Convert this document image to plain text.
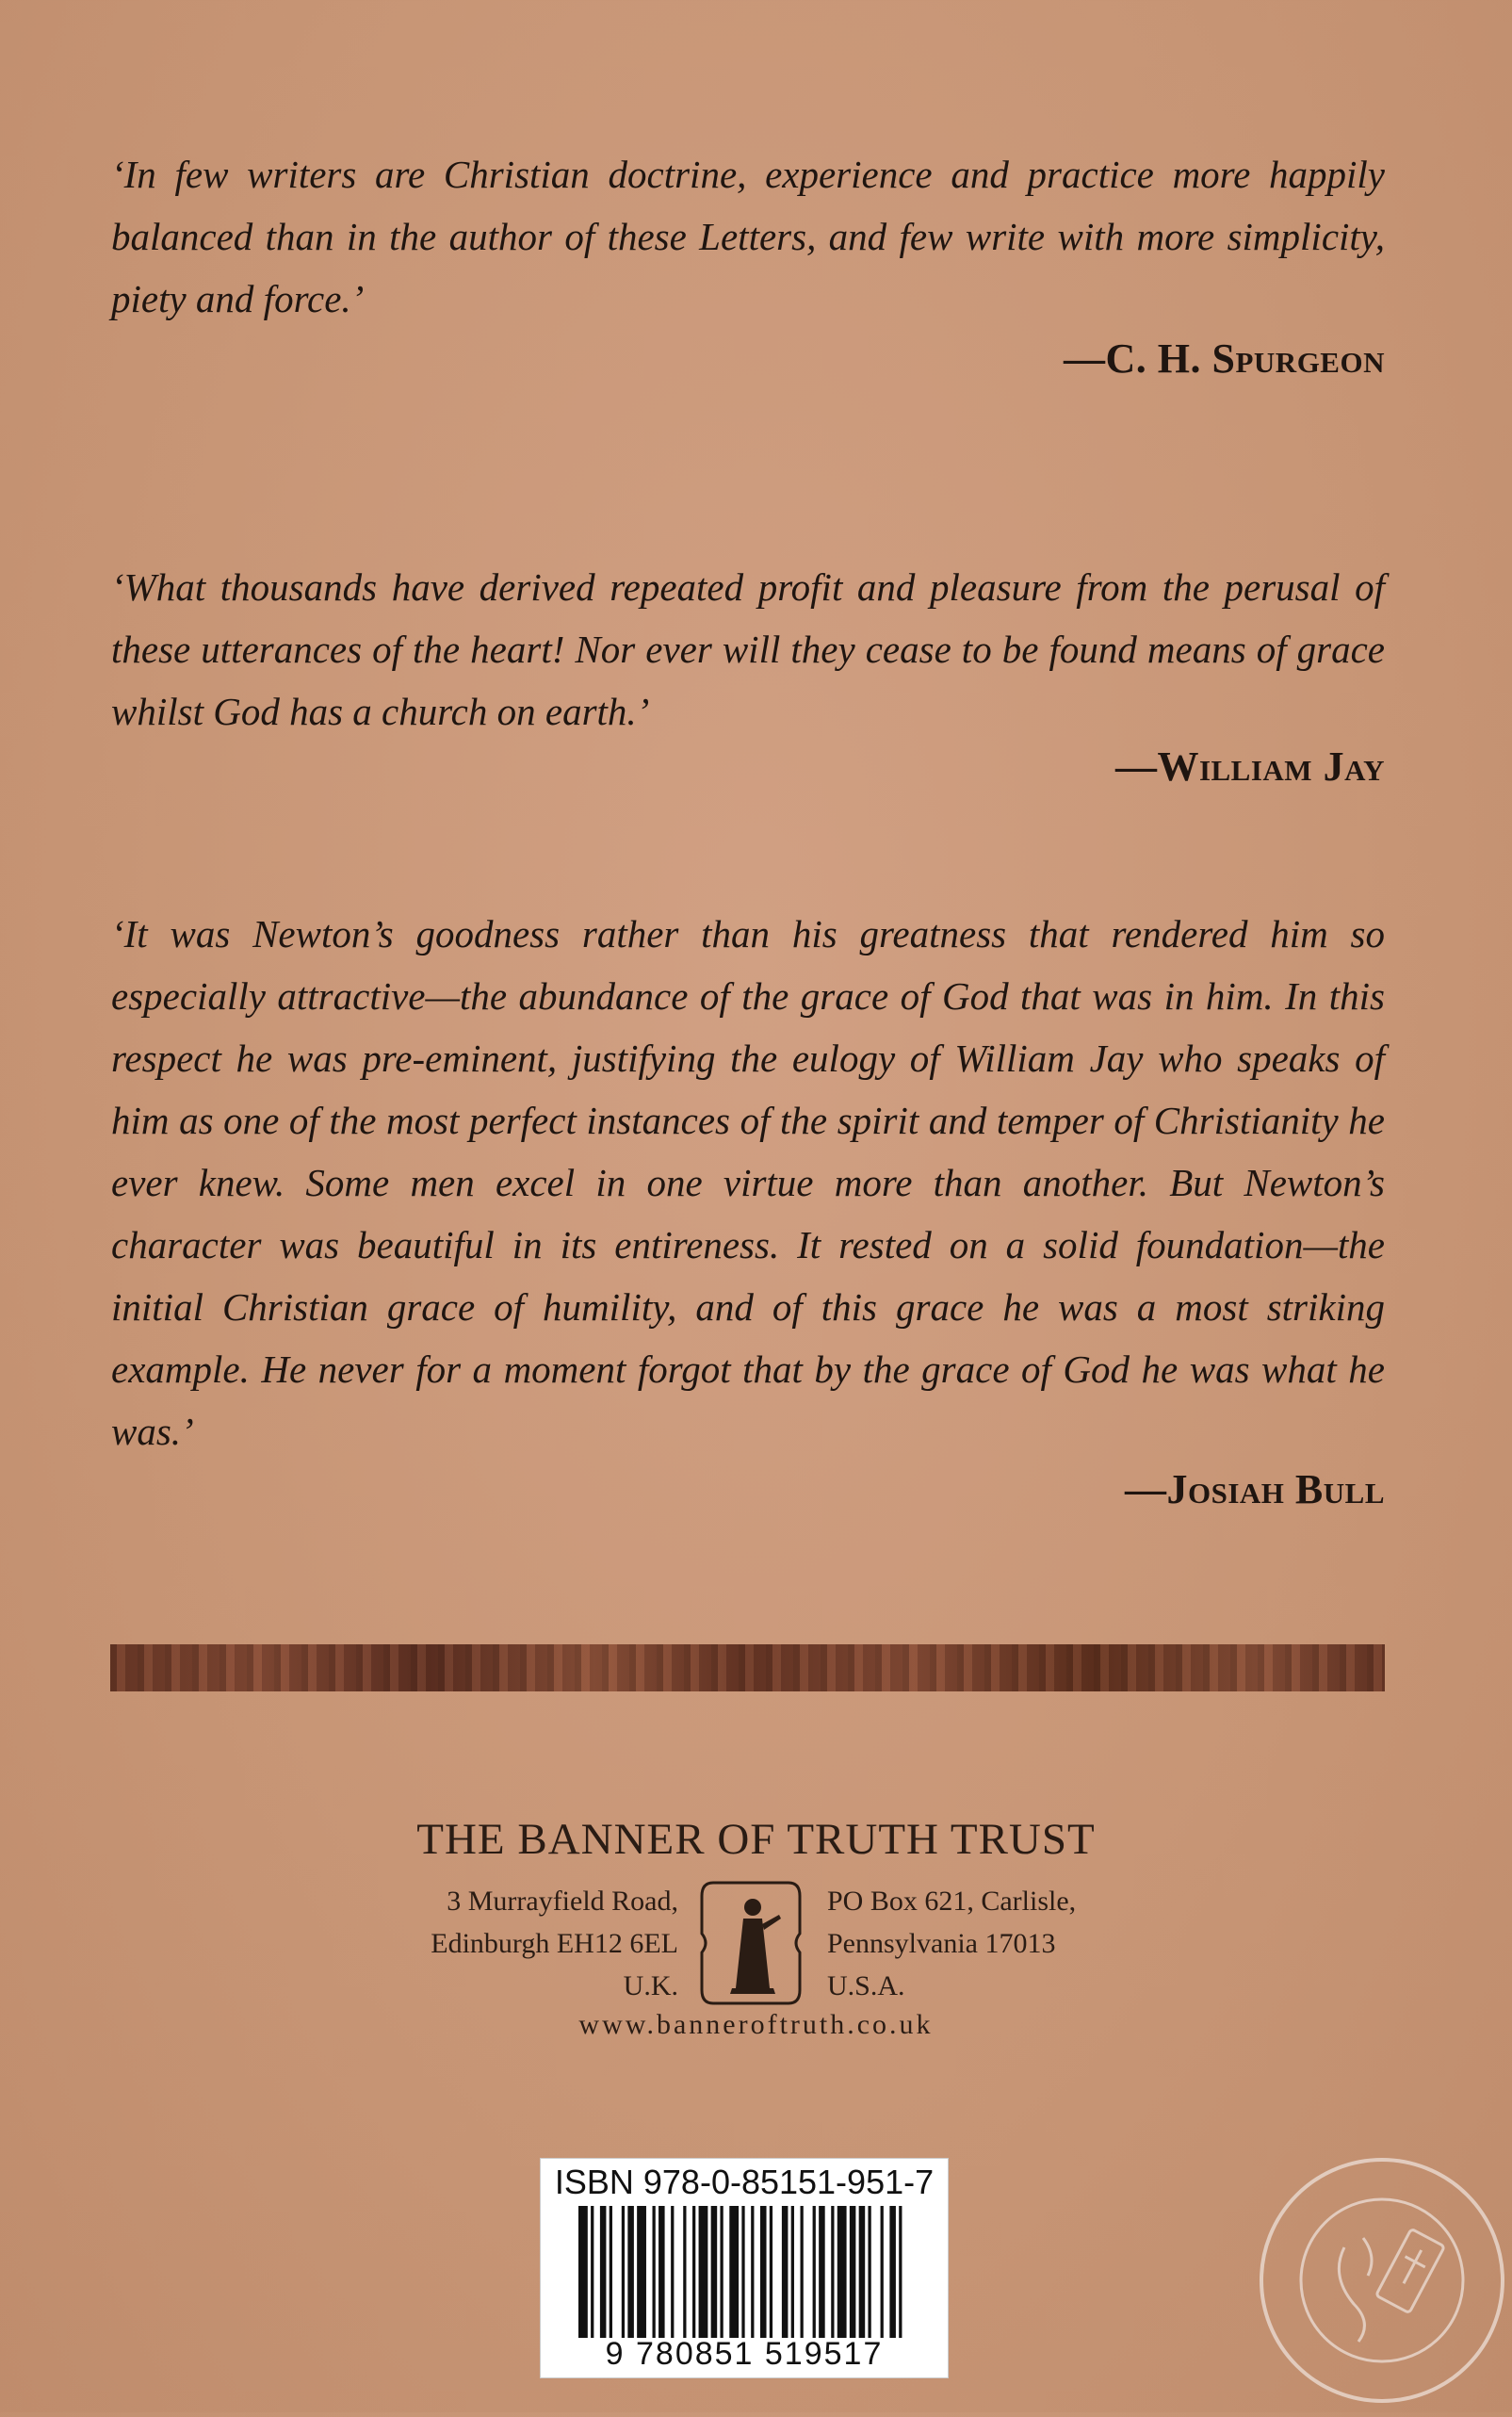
‘In few writers are Christian doctrine, experience and practice more happily balanced than in the author of these Letters, and few write with more simplicity, piety and force.’

—C. H. Spurgeon

‘What thousands have derived repeated profit and pleasure from the perusal of these utterances of the heart! Nor ever will they cease to be found means of grace whilst God has a church on earth.’

—William Jay

‘It was Newton’s goodness rather than his greatness that rendered him so especially attractive—the abundance of the grace of God that was in him. In this respect he was pre-eminent, justifying the eulogy of William Jay who speaks of him as one of the most perfect instances of the spirit and temper of Christianity he ever knew. Some men excel in one virtue more than another. But Newton’s character was beautiful in its entireness. It rested on a solid foundation—the initial Christian grace of humility, and of this grace he was a most striking example. He never for a moment forgot that by the grace of God he was what he was.’

—Josiah Bull
THE BANNER OF TRUTH TRUST
3 Murrayfield Road,
Edinburgh EH12 6EL
U.K.
PO Box 621, Carlisle,
Pennsylvania 17013
U.S.A.
www.banneroftruth.co.uk
ISBN 978-0-85151-951-7
9 780851 519517
